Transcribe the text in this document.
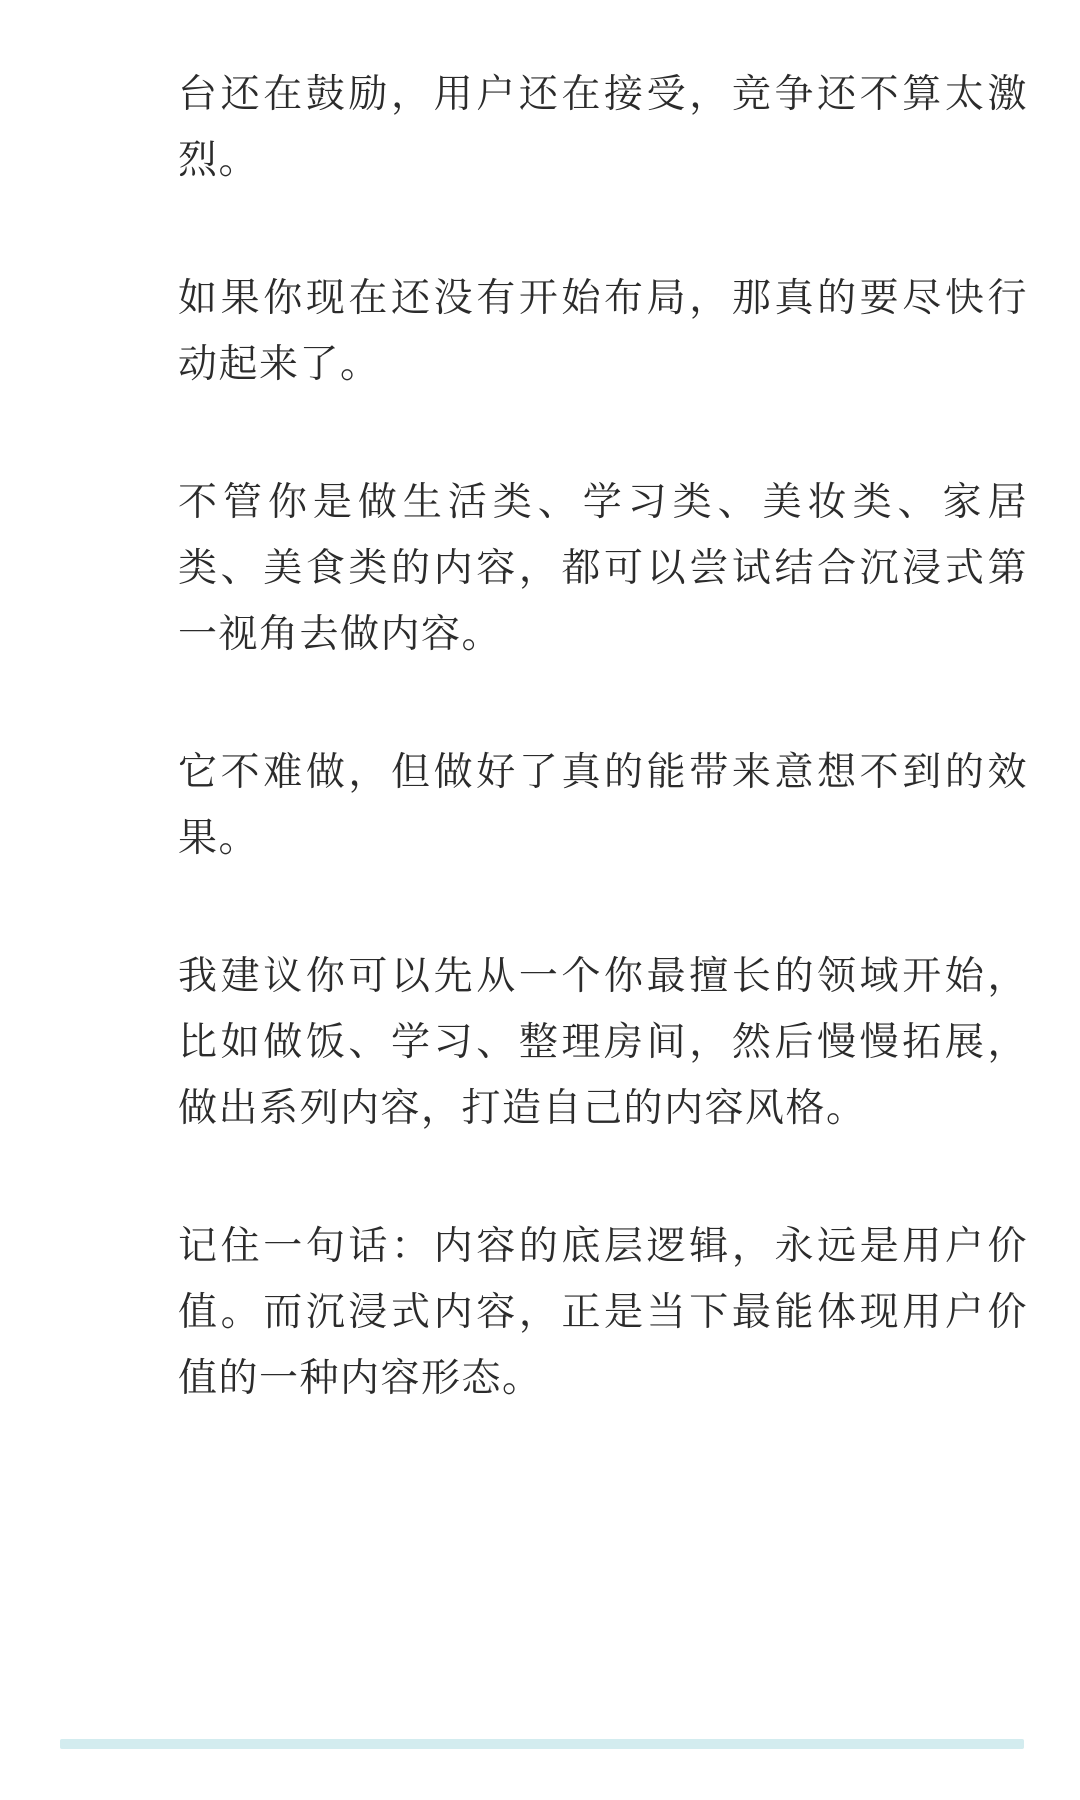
台还在鼓励，用户还在接受，竞争还不算太激烈。

如果你现在还没有开始布局，那真的要尽快行动起来了。

不管你是做生活类、学习类、美妆类、家居类、美食类的内容，都可以尝试结合沉浸式第一视角去做内容。

它不难做，但做好了真的能带来意想不到的效果。

我建议你可以先从一个你最擅长的领域开始，比如做饭、学习、整理房间，然后慢慢拓展，做出系列内容，打造自己的内容风格。

记住一句话：内容的底层逻辑，永远是用户价值。而沉浸式内容，正是当下最能体现用户价值的一种内容形态。
